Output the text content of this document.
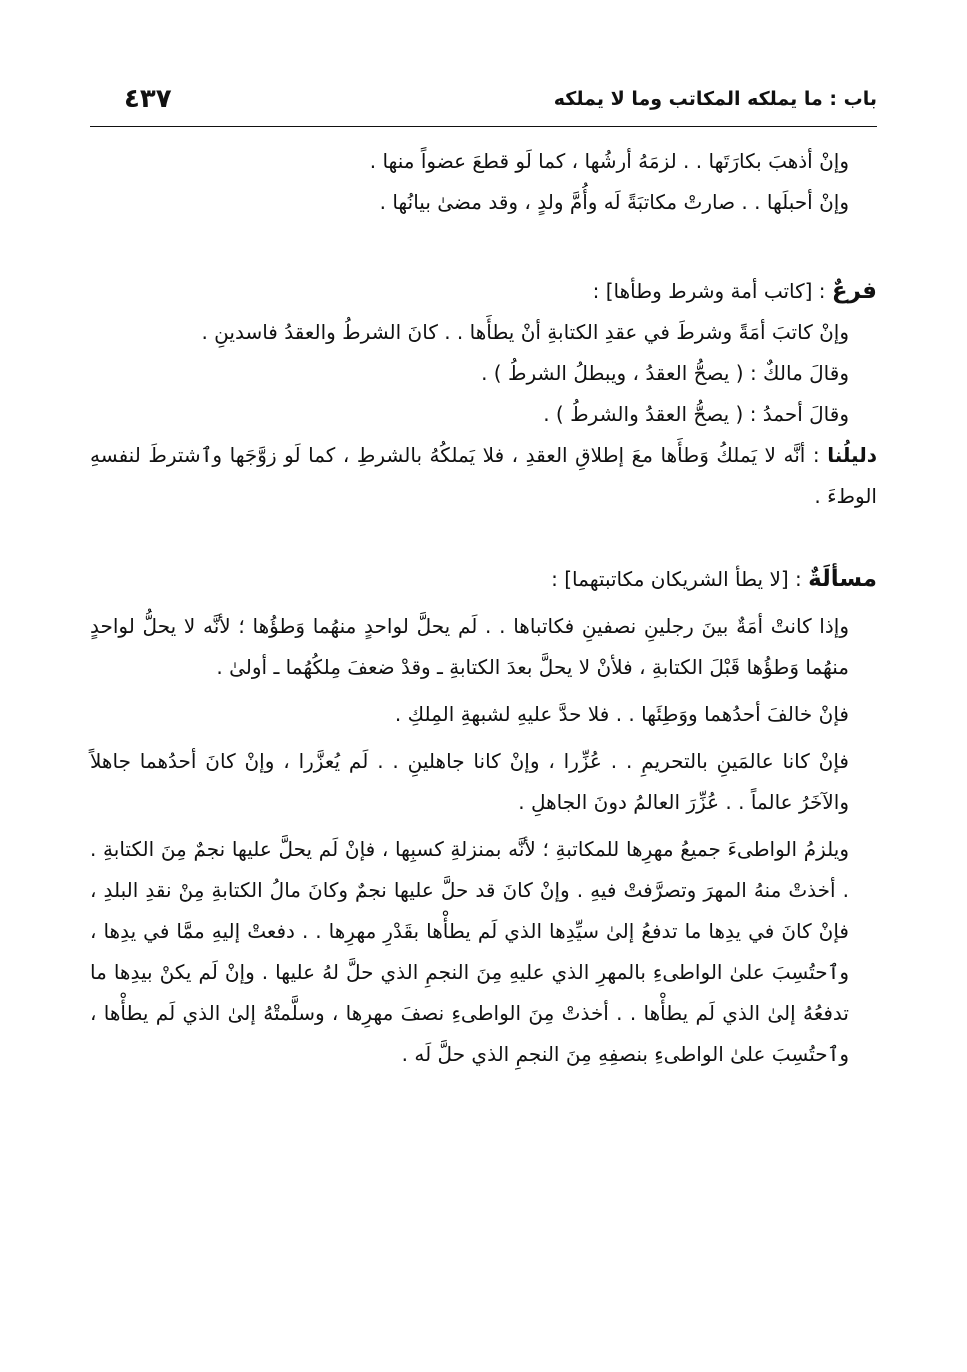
باب : ما يملكه المكاتب وما لا يملكه
٤٣٧

وإنْ أذهبَ بكارَتَها . . لزمَهُ أرشُها ، كما لَو قطعَ عضواً منها .

وإنْ أحبلَها . . صارتْ مكاتبَةً لَه وأُمَّ ولدٍ ، وقد مضىٰ بيانُها .

فرعٌ : [كاتب أمة وشرط وطأها] :

وإنْ كاتبَ أمَةً وشرطَ في عقدِ الكتابةِ أنْ يطأَها . . كانَ الشرطُ والعقدُ فاسدينِ .

وقالَ مالكٌ : ( يصحُّ العقدُ ، ويبطلُ الشرطُ ) .

وقالَ أحمدُ : ( يصحُّ العقدُ والشرطُ ) .

دليلُنا : أنَّه لا يَملكُ وَطأَها معَ إطلاقِ العقدِ ، فلا يَملكُهُ بالشرطِ ، كما لَو زوَّجَها وٱشترطَ لنفسهِ الوطءَ .

مسألَةٌ : [لا يطأ الشريكان مكاتبتهما] :

وإذا كانتْ أمَةٌ بينَ رجلينِ نصفينِ فكاتباها . . لَم يحلَّ لواحدٍ منهُما وَطؤُها ؛ لأنَّه لا يحلُّ لواحدٍ منهُما وَطؤُها قَبْلَ الكتابةِ ، فلأنْ لا يحلَّ بعدَ الكتابةِ ـ وقدْ ضعفَ مِلكُهُما ـ أولىٰ .

فإنْ خالفَ أحدُهما ووَطِئَها . . فلا حدَّ عليهِ لشبهةِ المِلكِ .

فإنْ كانا عالمَينِ بالتحريمِ . . عُزِّرا ، وإنْ كانا جاهلينِ . . لَم يُعزَّرا ، وإنْ كانَ أحدُهما جاهلاً والآخَرُ عالماً . . عُزِّرَ العالمُ دونَ الجاهلِ .

ويلزمُ الواطىءَ جميعُ مهرِها للمكاتبةِ ؛ لأنَّه بمنزلةِ كسبِها ، فإنْ لَم يحلَّ عليها نجمٌ مِنَ الكتابةِ . . أخذتْ منهُ المهرَ وتصرَّفتْ فيهِ . وإنْ كانَ قد حلَّ عليها نجمٌ وكانَ مالُ الكتابةِ مِنْ نقدِ البلدِ ، فإنْ كانَ في يدِها ما تدفعُ إلىٰ سيِّدِها الذي لَم يطأْها بقَدْرِ مهرِها . . دفعتْ إليهِ ممَّا في يدِها ، وٱحتُسِبَ علىٰ الواطىءِ بالمهرِ الذي عليهِ مِنَ النجمِ الذي حلَّ لهُ عليها . وإنْ لَم يكنْ بيدِها ما تدفعُهُ إلىٰ الذي لَم يطأْها . . أخذتْ مِنَ الواطىءِ نصفَ مهرِها ، وسلَّمتْهُ إلىٰ الذي لَم يطأْها ، وٱحتُسِبَ علىٰ الواطىءِ بنصفِهِ مِنَ النجمِ الذي حلَّ لَه .
